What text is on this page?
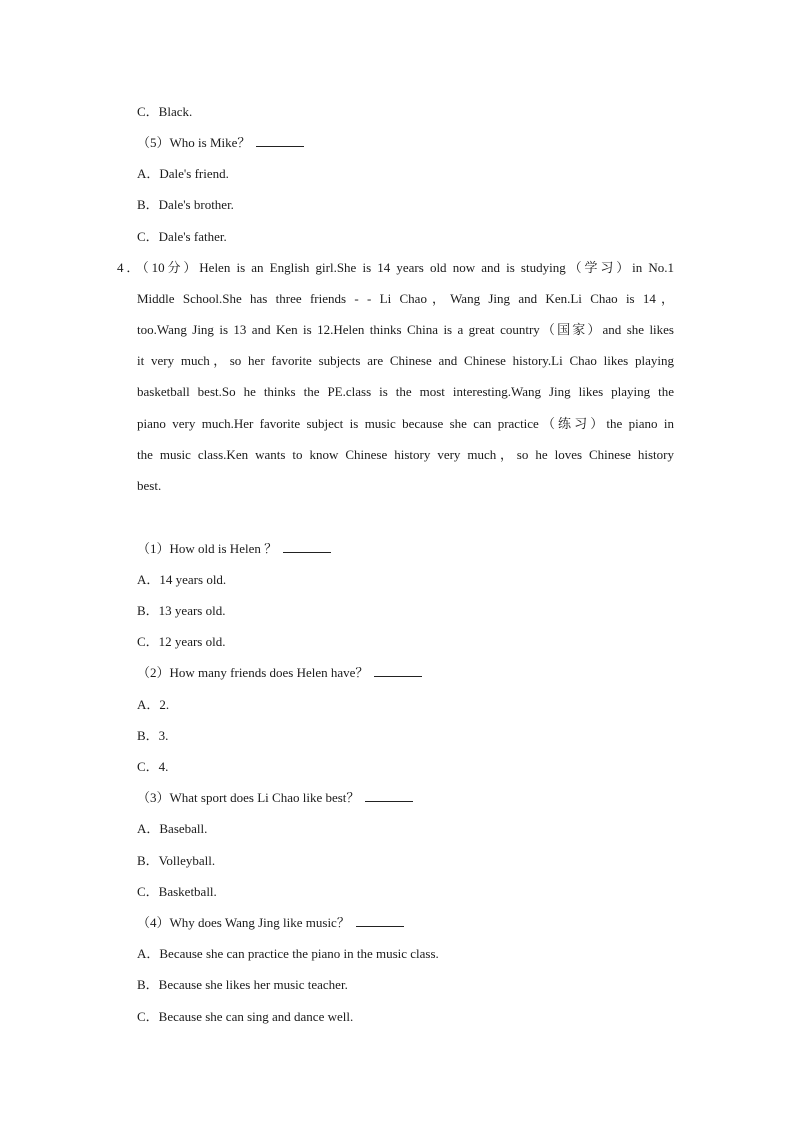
C．Black.
（5）Who is Mike？
A．Dale's friend.
B．Dale's brother.
C．Dale's father.
4．（10分）Helen is an English girl.She is 14 years old now and is studying（学习）in No.1
Middle School.She has three friends - - Li Chao，Wang Jing and Ken.Li Chao is 14，
too.Wang Jing is 13 and Ken is 12.Helen thinks China is a great country（国家）and she likes
it very much，so her favorite subjects are Chinese and Chinese history.Li Chao likes playing
basketball best.So he thinks the PE.class is the most interesting.Wang Jing likes playing the
piano very much.Her favorite subject is music because she can practice（练习）the piano in
the music class.Ken wants to know Chinese history very much，so he loves Chinese history
best.
（1）How old is Helen ？
A．14 years old.
B．13 years old.
C．12 years old.
（2）How many friends does Helen have？
A．2.
B．3.
C．4.
（3）What sport does Li Chao like best？
A．Baseball.
B．Volleyball.
C．Basketball.
（4）Why does Wang Jing like music？
A．Because she can practice the piano in the music class.
B．Because she likes her music teacher.
C．Because she can sing and dance well.
